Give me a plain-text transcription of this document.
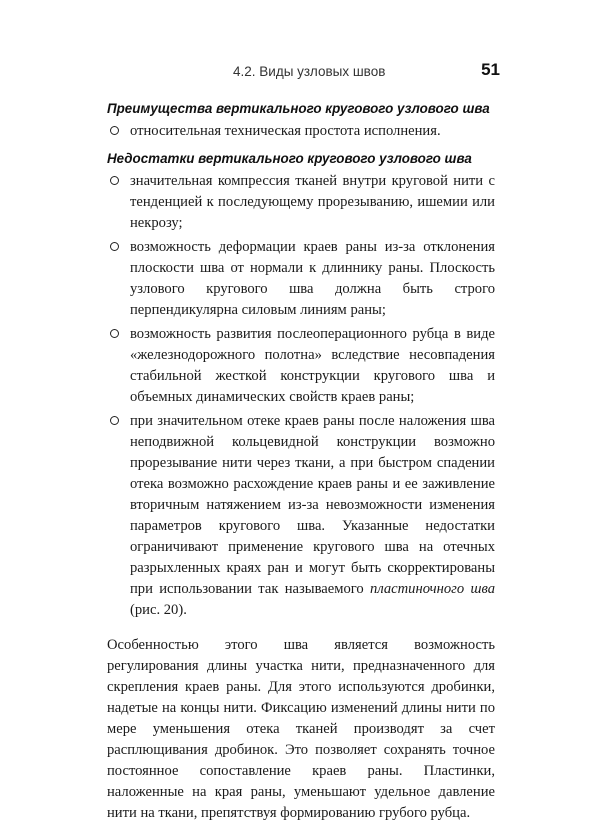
4.2. Виды узловых швов	51
Преимущества вертикального кругового узлового шва
относительная техническая простота исполнения.
Недостатки вертикального кругового узлового шва
значительная компрессия тканей внутри круговой нити с тенденцией к последующему прорезыванию, ишемии или некрозу;
возможность деформации краев раны из-за отклонения плоскости шва от нормали к длиннику раны. Плоскость узлового кругового шва должна быть строго перпендикулярна силовым линиям раны;
возможность развития послеоперационного рубца в виде «железнодорожного полотна» вследствие несовпадения стабильной жесткой конструкции кругового шва и объемных динамических свойств краев раны;
при значительном отеке краев раны после наложения шва неподвижной кольцевидной конструкции возможно прорезывание нити через ткани, а при быстром спадении отека возможно расхождение краев раны и ее заживление вторичным натяжением из-за невозможности изменения параметров кругового шва. Указанные недостатки ограничивают применение кругового шва на отечных разрыхленных краях ран и могут быть скорректированы при использовании так называемого пластиночного шва (рис. 20).

Особенностью этого шва является возможность регулирования длины участка нити, предназначенного для скрепления краев раны. Для этого используются дробинки, надетые на концы нити. Фиксацию изменений длины нити по мере уменьшения отека тканей производят за счет расплющивания дробинок. Это позволяет сохранять точное постоянное сопоставление краев раны. Пластинки, наложенные на края раны, уменьшают удельное давление нити на ткани, препятствуя формированию грубого рубца.
